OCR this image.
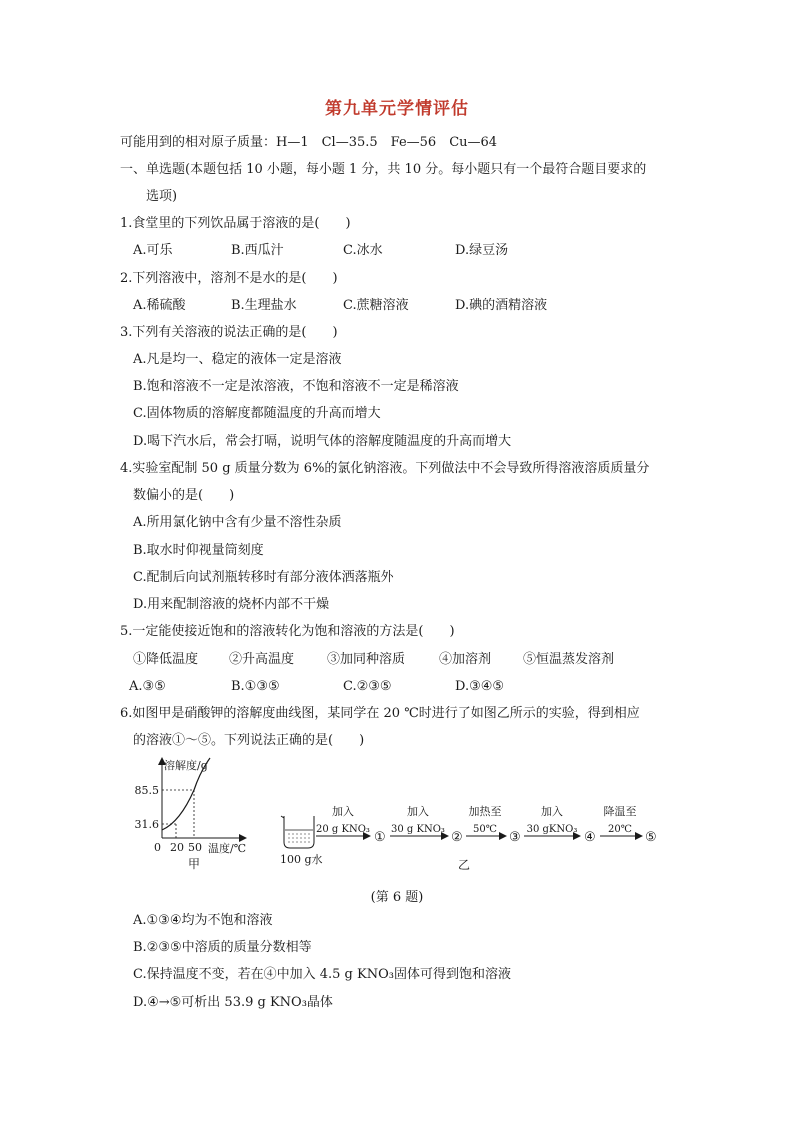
第九单元学情评估
可能用到的相对原子质量：H—1　Cl—35.5　Fe—56　Cu—64
一、单选题(本题包括 10 小题，每小题 1 分，共 10 分。每小题只有一个最符合题目要求的
选项)
1.食堂里的下列饮品属于溶液的是(　　)
A.可乐	B.西瓜汁	C.冰水	D.绿豆汤
2.下列溶液中，溶剂不是水的是(　　)
A.稀硫酸	B.生理盐水	C.蔗糖溶液	D.碘的酒精溶液
3.下列有关溶液的说法正确的是(　　)
A.凡是均一、稳定的液体一定是溶液
B.饱和溶液不一定是浓溶液，不饱和溶液不一定是稀溶液
C.固体物质的溶解度都随温度的升高而增大
D.喝下汽水后，常会打嗝，说明气体的溶解度随温度的升高而增大
4.实验室配制 50 g 质量分数为 6%的氯化钠溶液。下列做法中不会导致所得溶液溶质质量分
数偏小的是(　　)
A.所用氯化钠中含有少量不溶性杂质
B.取水时仰视量筒刻度
C.配制后向试剂瓶转移时有部分液体洒落瓶外
D.用来配制溶液的烧杯内部不干燥
5.一定能使接近饱和的溶液转化为饱和溶液的方法是(　　)
①降低温度 ②升高温度	③加同种溶质	④加溶剂 ⑤恒温蒸发溶剂
A.③⑤	B.①③⑤	C.②③⑤	D.③④⑤
6.如图甲是硝酸钾的溶解度曲线图，某同学在 20 ℃时进行了如图乙所示的实验，得到相应
的溶液①～⑤。下列说法正确的是(　　)
溶解度/g
85.5
31.6
0 20 50 温度/℃
甲	100 g水
加入
20 g KNO₃
①
加入
30 g KNO₃
②
加热至
50℃
③
加入
30 gKNO₃
④
降温至
20℃
⑤
乙
(第 6 题)
A.①③④均为不饱和溶液
B.②③⑤中溶质的质量分数相等
C.保持温度不变，若在④中加入 4.5 g KNO₃固体可得到饱和溶液
D.④→⑤可析出 53.9 g KNO₃晶体
